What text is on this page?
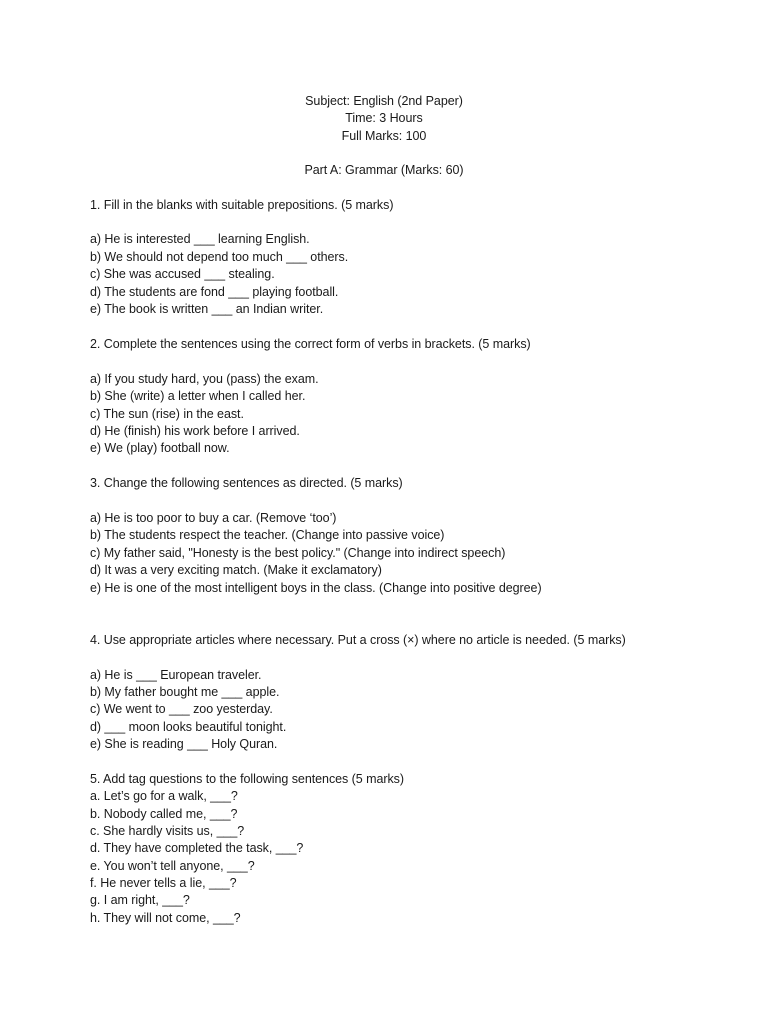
Subject: English (2nd Paper)
Time: 3 Hours
Full Marks: 100
Part A: Grammar (Marks: 60)
1. Fill in the blanks with suitable prepositions. (5 marks)
a) He is interested ___ learning English.
b) We should not depend too much ___ others.
c) She was accused ___ stealing.
d) The students are fond ___ playing football.
e) The book is written ___ an Indian writer.
2. Complete the sentences using the correct form of verbs in brackets. (5 marks)
a) If you study hard, you (pass) the exam.
b) She (write) a letter when I called her.
c) The sun (rise) in the east.
d) He (finish) his work before I arrived.
e) We (play) football now.
3. Change the following sentences as directed. (5 marks)
a) He is too poor to buy a car. (Remove ‘too’)
b) The students respect the teacher. (Change into passive voice)
c) My father said, "Honesty is the best policy." (Change into indirect speech)
d) It was a very exciting match. (Make it exclamatory)
e) He is one of the most intelligent boys in the class. (Change into positive degree)
4. Use appropriate articles where necessary. Put a cross (×) where no article is needed. (5 marks)
a) He is ___ European traveler.
b) My father bought me ___ apple.
c) We went to ___ zoo yesterday.
d) ___ moon looks beautiful tonight.
e) She is reading ___ Holy Quran.
5. Add tag questions to the following sentences (5 marks)
a. Let’s go for a walk, ___?
b. Nobody called me, ___?
c. She hardly visits us, ___?
d. They have completed the task, ___?
e. You won’t tell anyone, ___?
f. He never tells a lie, ___?
g. I am right, ___?
h. They will not come, ___?
